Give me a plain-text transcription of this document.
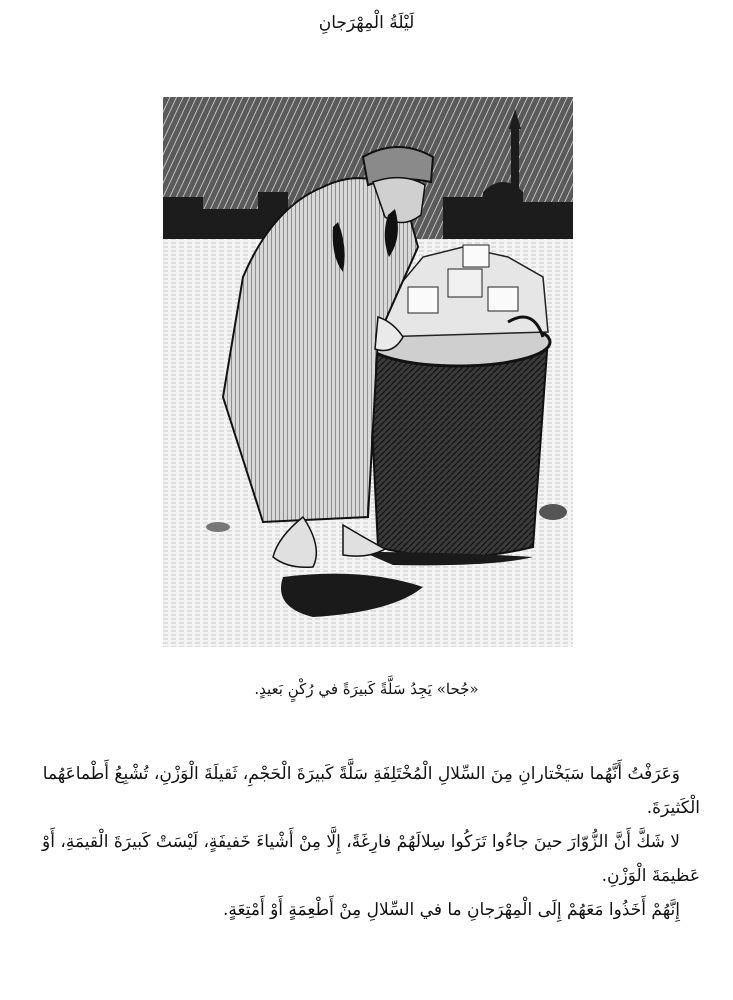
لَيْلَةُ الْمِهْرَجانِ
«جُحا» يَجِدُ سَلَّةً كَبيرَةً في رُكْنٍ بَعيدٍ.

وَعَرَفْتُ أَنَّهُما سَيَخْتارانِ مِنَ السِّلالِ الْمُخْتَلِفَةِ سَلَّةً كَبيرَةَ الْحَجْمِ، ثَقيلَةَ الْوَزْنِ، تُشْبِعُ أَطْماعَهُما الْكَثيرَةَ.

لا شَكَّ أَنَّ الزُّوّارَ حينَ جاءُوا تَرَكُوا سِلالَهُمْ فارِغَةً، إِلَّا مِنْ أَشْياءَ خَفيفَةٍ، لَيْسَتْ كَبيرَةَ الْقيمَةِ، أَوْ عَظيمَةَ الْوَزْنِ.

إِنَّهُمْ أَخَذُوا مَعَهُمْ إِلَى الْمِهْرَجانِ ما في السِّلالِ مِنْ أَطْعِمَةٍ أَوْ أَمْتِعَةٍ.
